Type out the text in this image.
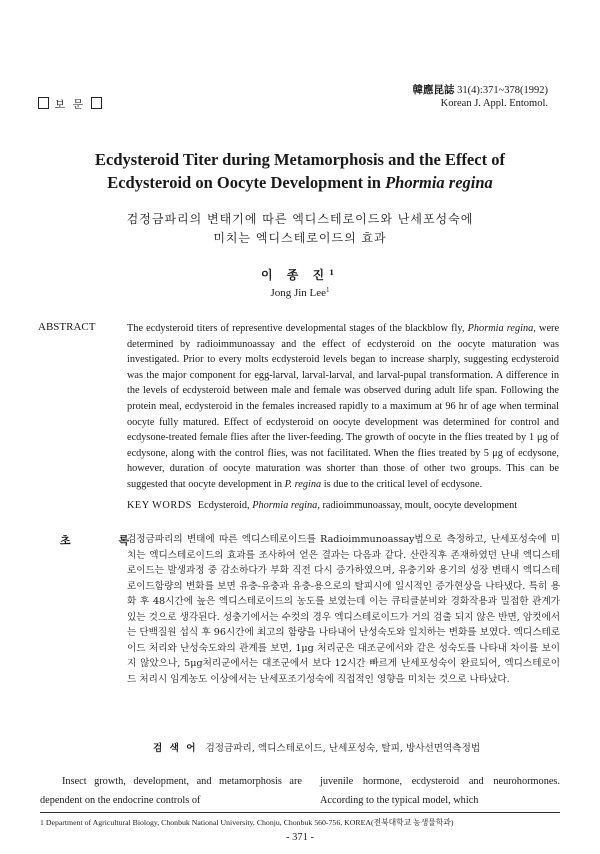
보 문
韓應昆誌 31(4):371~378(1992)
Korean J. Appl. Entomol.
Ecdysteroid Titer during Metamorphosis and the Effect of
Ecdysteroid on Oocyte Development in Phormia regina
검정금파리의 변태기에 따른 엑디스테로이드와 난세포성숙에
미치는 엑디스테로이드의 효과
이 종 진$^1$
Jong Jin Lee$^1$
ABSTRACT	The ecdysteroid titers of representive developmental stages of the blackblow fly, Phormia regina, were determined by radioimmunoassay and the effect of ecdysteroid on the oocyte maturation was investigated. Prior to every molts ecdysteroid levels began to increase sharply, suggesting ecdysteroid was the major component for egg-larval, larval-larval, and larval-pupal transformation. A difference in the levels of ecdysteroid between male and female was observed during adult life span. Following the protein meal, ecdysteroid in the females increased rapidly to a maximum at 96 hr of age when terminal oocyte fully matured. Effect of ecdysteroid on oocyte development was determined for control and ecdysone-treated female flies after the liver-feeding. The growth of oocyte in the flies treated by 1 μg of ecdysone, along with the control flies, was not facilitated. When the flies treated by 5 μg of ecdysone, however, duration of oocyte maturation was shorter than those of other two groups. This can be suggested that oocyte development in P. regina is due to the critical level of ecdysone.
KEY WORDS Ecdysteroid, Phormia regina, radioimmunoassay, moult, oocyte development
초 록
검정금파리의 변태에 따른 엑디스테로이드를 Radioimmunoassay법으로 측정하고, 난세포성숙에 미치는 엑디스테로이드의 효과를 조사하여 얻은 결과는 다음과 같다. 산란직후 존재하였던 난내 엑디스테로이드는 발생과정 중 감소하다가 부화 직전 다시 증가하였으며, 유충기와 용기의 성장 변태시 엑디스테로이드함량의 변화를 보면 유충-유충과 유충-용으로의 탈피시에 일시적인 증가현상을 나타냈다. 특히 용화 후 48시간에 높은 엑디스테로이드의 농도를 보였는데 이는 큐티클분비와 경화작용과 밀접한 관계가 있는 것으로 생각된다. 성충기에서는 수컷의 경우 엑디스테로이드가 거의 검출 되지 않은 반면, 암컷에서는 단백질원 섭식 후 96시간에 최고의 함량을 나타내어 난성숙도와 일치하는 변화를 보였다. 엑디스테로이드 처리와 난성숙도와의 관계를 보면, 1μg 처리군은 대조군에서와 같은 성숙도를 나타내 차이를 보이지 않았으나, 5μg처리군에서는 대조군에서 보다 12시간 빠르게 난세포성숙이 완료되어, 엑디스테로이드 처리시 임계농도 이상에서는 난세포조기성숙에 직접적인 영향을 미치는 것으로 나타났다.
검 색 어 검정금파리, 엑디스테로이드, 난세포성숙, 탈피, 방사선면역측정법
Insect growth, development, and metamorphosis are dependent on the endocrine controls of
juvenile hormone, ecdysteroid and neurohormones. According to the typical model, which
1 Department of Agricultural Biology, Chonbuk National University, Chonju, Chonbuk 560-756, KOREA(전북대학교 농생물학과)
- 371 -
